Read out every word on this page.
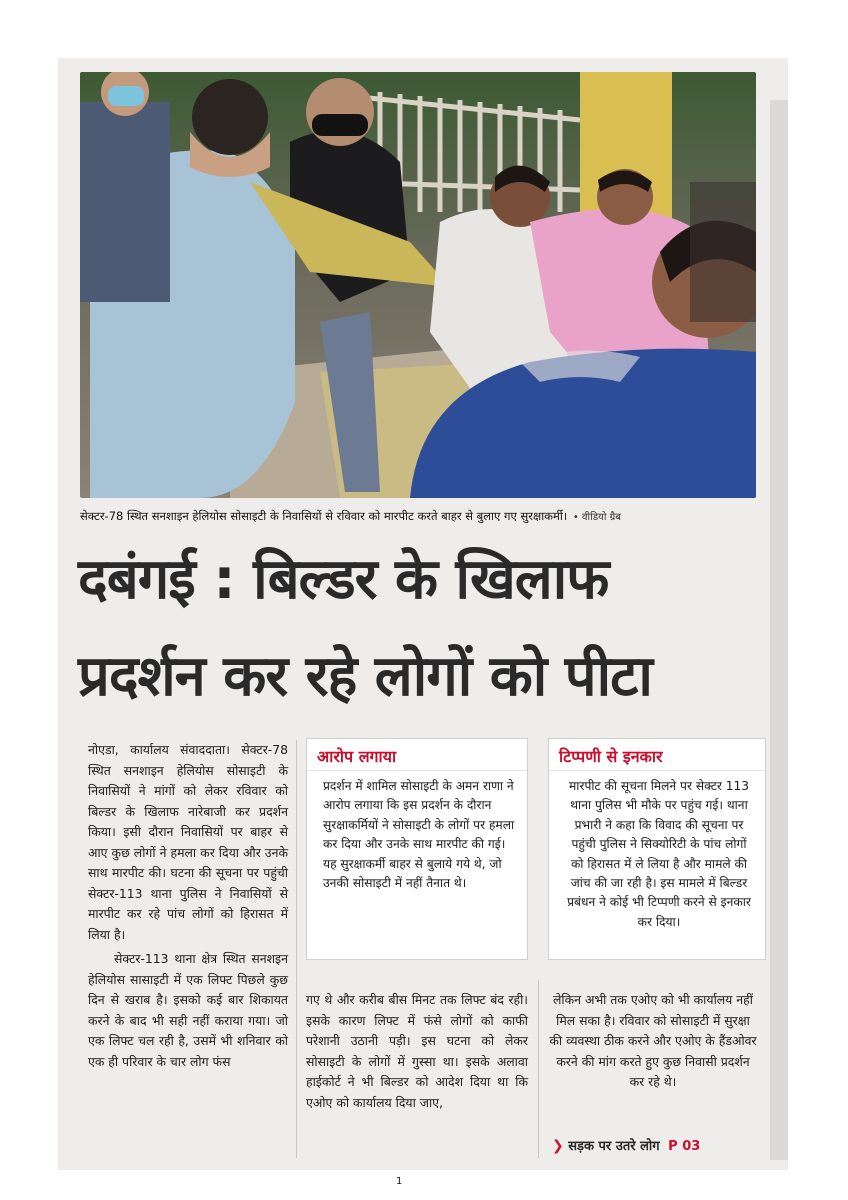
सेक्टर-78 स्थित सनशाइन हेलियोस सोसाइटी के निवासियों से रविवार को मारपीट करते बाहर से बुलाए गए सुरक्षाकर्मी। • वीडियो ग्रैब
दबंगई : बिल्डर के खिलाफ
प्रदर्शन कर रहे लोगों को पीटा

नोएडा, कार्यालय संवाददाता। सेक्टर-78 स्थित सनशाइन हेलियोस सोसाइटी के निवासियों ने मांगों को लेकर रविवार को बिल्डर के खिलाफ नारेबाजी कर प्रदर्शन किया। इसी दौरान निवासियों पर बाहर से आए कुछ लोगों ने हमला कर दिया और उनके साथ मारपीट की। घटना की सूचना पर पहुंची सेक्टर-113 थाना पुलिस ने निवासियों से मारपीट कर रहे पांच लोगों को हिरासत में लिया है।

सेक्टर-113 थाना क्षेत्र स्थित सनशइन हेलियोस सासाइटी में एक लिफ्ट पिछले कुछ दिन से खराब है। इसको कई बार शिकायत करने के बाद भी सही नहीं कराया गया। जो एक लिफ्ट चल रही है, उसमें भी शनिवार को एक ही परिवार के चार लोग फंस

आरोप लगाया
प्रदर्शन में शामिल सोसाइटी के अमन राणा ने आरोप लगाया कि इस प्रदर्शन के दौरान सुरक्षाकर्मियों ने सोसाइटी के लोगों पर हमला कर दिया और उनके साथ मारपीट की गई। यह सुरक्षाकर्मी बाहर से बुलाये गये थे, जो उनकी सोसाइटी में नहीं तैनात थे।
टिप्पणी से इनकार
मारपीट की सूचना मिलने पर सेक्टर 113 थाना पुलिस भी मौके पर पहुंच गई। थाना प्रभारी ने कहा कि विवाद की सूचना पर पहुंची पुलिस ने सिक्योरिटी के पांच लोगों को हिरासत में ले लिया है और मामले की जांच की जा रही है। इस मामले में बिल्डर प्रबंधन ने कोई भी टिप्पणी करने से इनकार कर दिया।
गए थे और करीब बीस मिनट तक लिफ्ट बंद रही। इसके कारण लिफ्ट में फंसे लोगों को काफी परेशानी उठानी पड़ी। इस घटना को लेकर सोसाइटी के लोगों में गुस्सा था। इसके अलावा हाईकोर्ट ने भी बिल्डर को आदेश दिया था कि एओए को कार्यालय दिया जाए,
लेकिन अभी तक एओए को भी कार्यालय नहीं मिल सका है। रविवार को सोसाइटी में सुरक्षा की व्यवस्था ठीक करने और एओए के हैंडओवर करने की मांग करते हुए कुछ निवासी प्रदर्शन कर रहे थे।
❯ सड़क पर उतरे लोग P 03
1
